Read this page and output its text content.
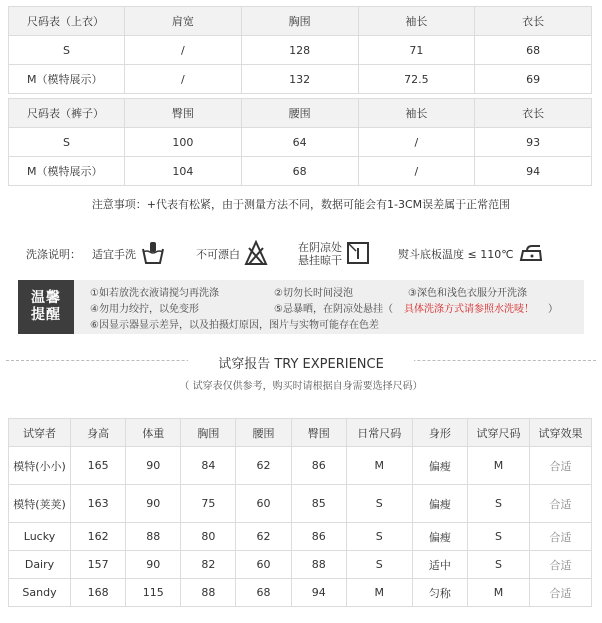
尺码表（上衣）	肩宽	胸围	袖长	衣长
S	/	128	71	68
M（模特展示）	/	132	72.5	69
尺码表（裤子）	臀围	腰围	袖长	衣长
S	100	64	/	93
M（模特展示）	104	68	/	94
注意事项：+代表有松紧，由于测量方法不同，数据可能会有1-3CM误差属于正常范围
洗涤说明： 适宜手洗	不可漂白
在阴凉处
悬挂晾干	熨斗底板温度 ≤ 110℃
温馨
提醒
①如若放洗衣液请搅匀再洗涤	②切勿长时间浸泡	③深色和浅色衣服分开洗涤
④勿用力绞拧，以免变形	⑤忌暴晒，在阴凉处悬挂（ 具体洗涤方式请参照水洗唛！ ）
⑥因显示器显示差异，以及拍摄灯原因，图片与实物可能存在色差
试穿报告 TRY EXPERIENCE
（ 试穿表仅供参考，购买时请根据自身需要选择尺码）
试穿者	身高	体重	胸围	腰围	臀围	日常尺码	身形	试穿尺码	试穿效果
模特(小小)	165	90	84	62	86	M	偏瘦	M	合适
模特(荚荚)	163	90	75	60	85	S	偏瘦	S	合适
Lucky	162	88	80	62	86	S	偏瘦	S	合适
Dairy	157	90	82	60	88	S	适中	S	合适
Sandy	168	115	88	68	94	M	匀称	M	合适
